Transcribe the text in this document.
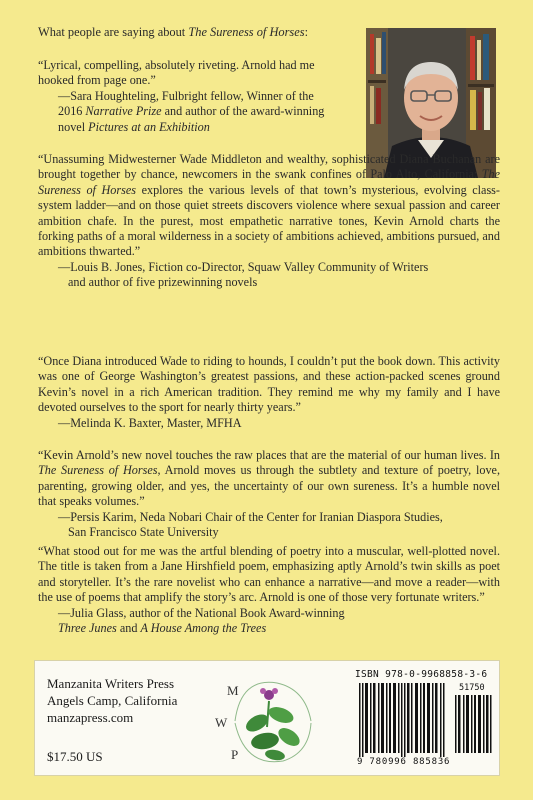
What people are saying about The Sureness of Horses:

“Lyrical, compelling, absolutely riveting. Arnold had me hooked from page one.”

—Sara Houghteling, Fulbright fellow, Winner of the 2016 Narrative Prize and author of the award-winning novel Pictures at an Exhibition

“Unassuming Midwesterner Wade Middleton and wealthy, sophisticated Diana Buchanan are brought together by chance, newcomers in the swank confines of Palo Alto, California: The Sureness of Horses explores the various levels of that town’s mysterious, evolving class-system ladder—and on those quiet streets discovers violence where sexual passion and career ambition chafe. In the purest, most empathetic narrative tones, Kevin Arnold charts the forking paths of a moral wilderness in a society of ambitions achieved, ambitions pursued, and ambitions thwarted.”

—Louis B. Jones, Fiction co-Director, Squaw Valley Community of Writers
and author of five prizewinning novels

“Once Diana introduced Wade to riding to hounds, I couldn’t put the book down. This activity was one of George Washington’s greatest passions, and these action-packed scenes ground Kevin’s novel in a rich American tradition. They remind me why my family and I have devoted ourselves to the sport for nearly thirty years.”

—Melinda K. Baxter, Master, MFHA

“Kevin Arnold’s new novel touches the raw places that are the material of our human lives. In The Sureness of Horses, Arnold moves us through the subtlety and texture of poetry, love, parenting, growing older, and yes, the uncertainty of our own sureness. It’s a humble novel that speaks volumes.”

—Persis Karim, Neda Nobari Chair of the Center for Iranian Diaspora Studies,
San Francisco State University

“What stood out for me was the artful blending of poetry into a muscular, well-plotted novel. The title is taken from a Jane Hirshfield poem, emphasizing aptly Arnold’s twin skills as poet and storyteller. It’s the rare novelist who can enhance a narrative—and move a reader—with the use of poems that amplify the story’s arc. Arnold is one of those very fortunate writers.”

—Julia Glass, author of the National Book Award-winning Three Junes and A House Among the Trees

Manzanita Writers Press
Angels Camp, California
manzapress.com
$17.50 US
M
W
P
ISBN 978-0-9968858-3-6
51750
9 780996 885836
